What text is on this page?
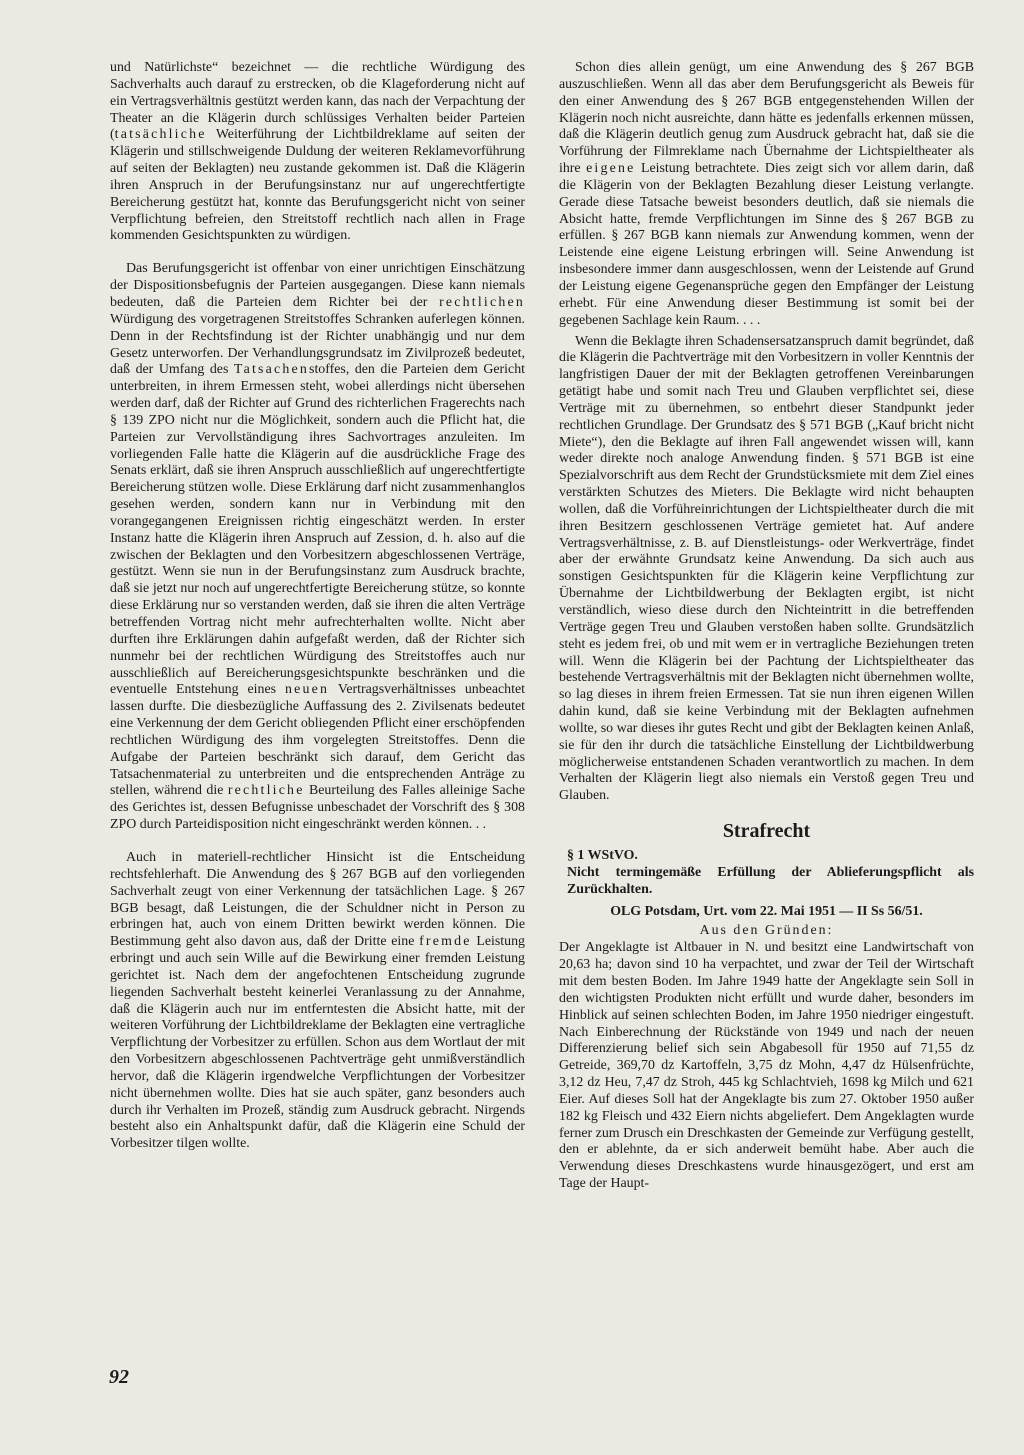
und Natürlichste“ bezeichnet — die rechtliche Würdigung des Sachverhalts auch darauf zu erstrecken, ob die Klageforderung nicht auf ein Vertragsverhältnis gestützt werden kann, das nach der Verpachtung der Theater an die Klägerin durch schlüssiges Verhalten beider Parteien (tatsächliche Weiterführung der Lichtbildreklame auf seiten der Klägerin und stillschweigende Duldung der weiteren Reklamevorführung auf seiten der Beklagten) neu zustande gekommen ist. Daß die Klägerin ihren Anspruch in der Berufungsinstanz nur auf ungerechtfertigte Bereicherung gestützt hat, konnte das Berufungsgericht nicht von seiner Verpflichtung befreien, den Streitstoff rechtlich nach allen in Frage kommenden Gesichtspunkten zu würdigen.

Das Berufungsgericht ist offenbar von einer unrichtigen Einschätzung der Dispositionsbefugnis der Parteien ausgegangen. Diese kann niemals bedeuten, daß die Parteien dem Richter bei der rechtlichen Würdigung des vorgetragenen Streitstoffes Schranken auferlegen können. Denn in der Rechtsfindung ist der Richter unabhängig und nur dem Gesetz unterworfen. Der Verhandlungsgrundsatz im Zivilprozeß bedeutet, daß der Umfang des Tatsachenstoffes, den die Parteien dem Gericht unterbreiten, in ihrem Ermessen steht, wobei allerdings nicht übersehen werden darf, daß der Richter auf Grund des richterlichen Fragerechts nach § 139 ZPO nicht nur die Möglichkeit, sondern auch die Pflicht hat, die Parteien zur Vervollständigung ihres Sachvortrages anzuleiten. Im vorliegenden Falle hatte die Klägerin auf die ausdrückliche Frage des Senats erklärt, daß sie ihren Anspruch ausschließlich auf ungerechtfertigte Bereicherung stützen wolle. Diese Erklärung darf nicht zusammenhanglos gesehen werden, sondern kann nur in Verbindung mit den vorangegangenen Ereignissen richtig eingeschätzt werden. In erster Instanz hatte die Klägerin ihren Anspruch auf Zession, d. h. also auf die zwischen der Beklagten und den Vorbesitzern abgeschlossenen Verträge, gestützt. Wenn sie nun in der Berufungsinstanz zum Ausdruck brachte, daß sie jetzt nur noch auf ungerechtfertigte Bereicherung stütze, so konnte diese Erklärung nur so verstanden werden, daß sie ihren die alten Verträge betreffenden Vortrag nicht mehr aufrechterhalten wollte. Nicht aber durften ihre Erklärungen dahin aufgefaßt werden, daß der Richter sich nunmehr bei der rechtlichen Würdigung des Streitstoffes auch nur ausschließlich auf Bereicherungsgesichtspunkte beschränken und die eventuelle Entstehung eines neuen Vertragsverhältnisses unbeachtet lassen durfte. Die diesbezügliche Auffassung des 2. Zivilsenats bedeutet eine Verkennung der dem Gericht obliegenden Pflicht einer erschöpfenden rechtlichen Würdigung des ihm vorgelegten Streitstoffes. Denn die Aufgabe der Parteien beschränkt sich darauf, dem Gericht das Tatsachenmaterial zu unterbreiten und die entsprechenden Anträge zu stellen, während die rechtliche Beurteilung des Falles alleinige Sache des Gerichtes ist, dessen Befugnisse unbeschadet der Vorschrift des § 308 ZPO durch Parteidisposition nicht eingeschränkt werden können. . .

Auch in materiell-rechtlicher Hinsicht ist die Entscheidung rechtsfehlerhaft. Die Anwendung des § 267 BGB auf den vorliegenden Sachverhalt zeugt von einer Verkennung der tatsächlichen Lage. § 267 BGB besagt, daß Leistungen, die der Schuldner nicht in Person zu erbringen hat, auch von einem Dritten bewirkt werden können. Die Bestimmung geht also davon aus, daß der Dritte eine fremde Leistung erbringt und auch sein Wille auf die Bewirkung einer fremden Leistung gerichtet ist. Nach dem der angefochtenen Entscheidung zugrunde liegenden Sachverhalt besteht keinerlei Veranlassung zu der Annahme, daß die Klägerin auch nur im entferntesten die Absicht hatte, mit der weiteren Vorführung der Lichtbildreklame der Beklagten eine vertragliche Verpflichtung der Vorbesitzer zu erfüllen. Schon aus dem Wortlaut der mit den Vorbesitzern abgeschlossenen Pachtverträge geht unmißverständlich hervor, daß die Klägerin irgendwelche Verpflichtungen der Vorbesitzer nicht übernehmen wollte. Dies hat sie auch später, ganz besonders auch durch ihr Verhalten im Prozeß, ständig zum Ausdruck gebracht. Nirgends besteht also ein Anhaltspunkt dafür, daß die Klägerin eine Schuld der Vorbesitzer tilgen wollte.

Schon dies allein genügt, um eine Anwendung des § 267 BGB auszuschließen. Wenn all das aber dem Berufungsgericht als Beweis für den einer Anwendung des § 267 BGB entgegenstehenden Willen der Klägerin noch nicht ausreichte, dann hätte es jedenfalls erkennen müssen, daß die Klägerin deutlich genug zum Ausdruck gebracht hat, daß sie die Vorführung der Filmreklame nach Übernahme der Lichtspieltheater als ihre eigene Leistung betrachtete. Dies zeigt sich vor allem darin, daß die Klägerin von der Beklagten Bezahlung dieser Leistung verlangte. Gerade diese Tatsache beweist besonders deutlich, daß sie niemals die Absicht hatte, fremde Verpflichtungen im Sinne des § 267 BGB zu erfüllen. § 267 BGB kann niemals zur Anwendung kommen, wenn der Leistende eine eigene Leistung erbringen will. Seine Anwendung ist insbesondere immer dann ausgeschlossen, wenn der Leistende auf Grund der Leistung eigene Gegenansprüche gegen den Empfänger der Leistung erhebt. Für eine Anwendung dieser Bestimmung ist somit bei der gegebenen Sachlage kein Raum. . . .

Wenn die Beklagte ihren Schadensersatzanspruch damit begründet, daß die Klägerin die Pachtverträge mit den Vorbesitzern in voller Kenntnis der langfristigen Dauer der mit der Beklagten getroffenen Vereinbarungen getätigt habe und somit nach Treu und Glauben verpflichtet sei, diese Verträge mit zu übernehmen, so entbehrt dieser Standpunkt jeder rechtlichen Grundlage. Der Grundsatz des § 571 BGB („Kauf bricht nicht Miete“), den die Beklagte auf ihren Fall angewendet wissen will, kann weder direkte noch analoge Anwendung finden. § 571 BGB ist eine Spezialvorschrift aus dem Recht der Grundstücksmiete mit dem Ziel eines verstärkten Schutzes des Mieters. Die Beklagte wird nicht behaupten wollen, daß die Vorführeinrichtungen der Lichtspieltheater durch die mit ihren Besitzern geschlossenen Verträge gemietet hat. Auf andere Vertragsverhältnisse, z. B. auf Dienstleistungs- oder Werkverträge, findet aber der erwähnte Grundsatz keine Anwendung. Da sich auch aus sonstigen Gesichtspunkten für die Klägerin keine Verpflichtung zur Übernahme der Lichtbildwerbung der Beklagten ergibt, ist nicht verständlich, wieso diese durch den Nichteintritt in die betreffenden Verträge gegen Treu und Glauben verstoßen haben sollte. Grundsätzlich steht es jedem frei, ob und mit wem er in vertragliche Beziehungen treten will. Wenn die Klägerin bei der Pachtung der Lichtspieltheater das bestehende Vertragsverhältnis mit der Beklagten nicht übernehmen wollte, so lag dieses in ihrem freien Ermessen. Tat sie nun ihren eigenen Willen dahin kund, daß sie keine Verbindung mit der Beklagten aufnehmen wollte, so war dieses ihr gutes Recht und gibt der Beklagten keinen Anlaß, sie für den ihr durch die tatsächliche Einstellung der Lichtbildwerbung möglicherweise entstandenen Schaden verantwortlich zu machen. In dem Verhalten der Klägerin liegt also niemals ein Verstoß gegen Treu und Glauben.

Strafrecht
§ 1 WStVO.
Nicht termingemäße Erfüllung der Ablieferungspflicht als Zurückhalten.
OLG Potsdam, Urt. vom 22. Mai 1951 — II Ss 56/51.
Aus den Gründen:

Der Angeklagte ist Altbauer in N. und besitzt eine Landwirtschaft von 20,63 ha; davon sind 10 ha verpachtet, und zwar der Teil der Wirtschaft mit dem besten Boden. Im Jahre 1949 hatte der Angeklagte sein Soll in den wichtigsten Produkten nicht erfüllt und wurde daher, besonders im Hinblick auf seinen schlechten Boden, im Jahre 1950 niedriger eingestuft. Nach Einberechnung der Rückstände von 1949 und nach der neuen Differenzierung belief sich sein Abgabesoll für 1950 auf 71,55 dz Getreide, 369,70 dz Kartoffeln, 3,75 dz Mohn, 4,47 dz Hülsenfrüchte, 3,12 dz Heu, 7,47 dz Stroh, 445 kg Schlachtvieh, 1698 kg Milch und 621 Eier. Auf dieses Soll hat der Angeklagte bis zum 27. Oktober 1950 außer 182 kg Fleisch und 432 Eiern nichts abgeliefert. Dem Angeklagten wurde ferner zum Drusch ein Dreschkasten der Gemeinde zur Verfügung gestellt, den er ablehnte, da er sich anderweit bemüht habe. Aber auch die Verwendung dieses Dreschkastens wurde hinausgezögert, und erst am Tage der Haupt-

92
